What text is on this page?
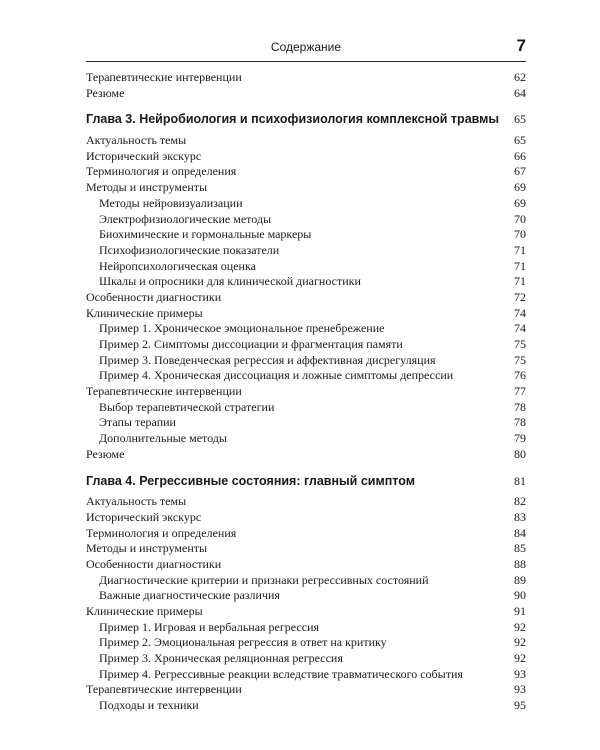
Содержание	7
Терапевтические интервенции	62
Резюме	64
Глава 3. Нейробиология и психофизиология комплексной травмы	65
Актуальность темы	65
Исторический экскурс	66
Терминология и определения	67
Методы и инструменты	69
Методы нейровизуализации	69
Электрофизиологические методы	70
Биохимические и гормональные маркеры	70
Психофизиологические показатели	71
Нейропсихологическая оценка	71
Шкалы и опросники для клинической диагностики	71
Особенности диагностики	72
Клинические примеры	74
Пример 1. Хроническое эмоциональное пренебрежение	74
Пример 2. Симптомы диссоциации и фрагментация памяти	75
Пример 3. Поведенческая регрессия и аффективная дисрегуляция	75
Пример 4. Хроническая диссоциация и ложные симптомы депрессии	76
Терапевтические интервенции	77
Выбор терапевтической стратегии	78
Этапы терапии	78
Дополнительные методы	79
Резюме	80
Глава 4. Регрессивные состояния: главный симптом	81
Актуальность темы	82
Исторический экскурс	83
Терминология и определения	84
Методы и инструменты	85
Особенности диагностики	88
Диагностические критерии и признаки регрессивных состояний	89
Важные диагностические различия	90
Клинические примеры	91
Пример 1. Игровая и вербальная регрессия	92
Пример 2. Эмоциональная регрессия в ответ на критику	92
Пример 3. Хроническая реляционная регрессия	92
Пример 4. Регрессивные реакции вследствие травматического события	93
Терапевтические интервенции	93
Подходы и техники	95
